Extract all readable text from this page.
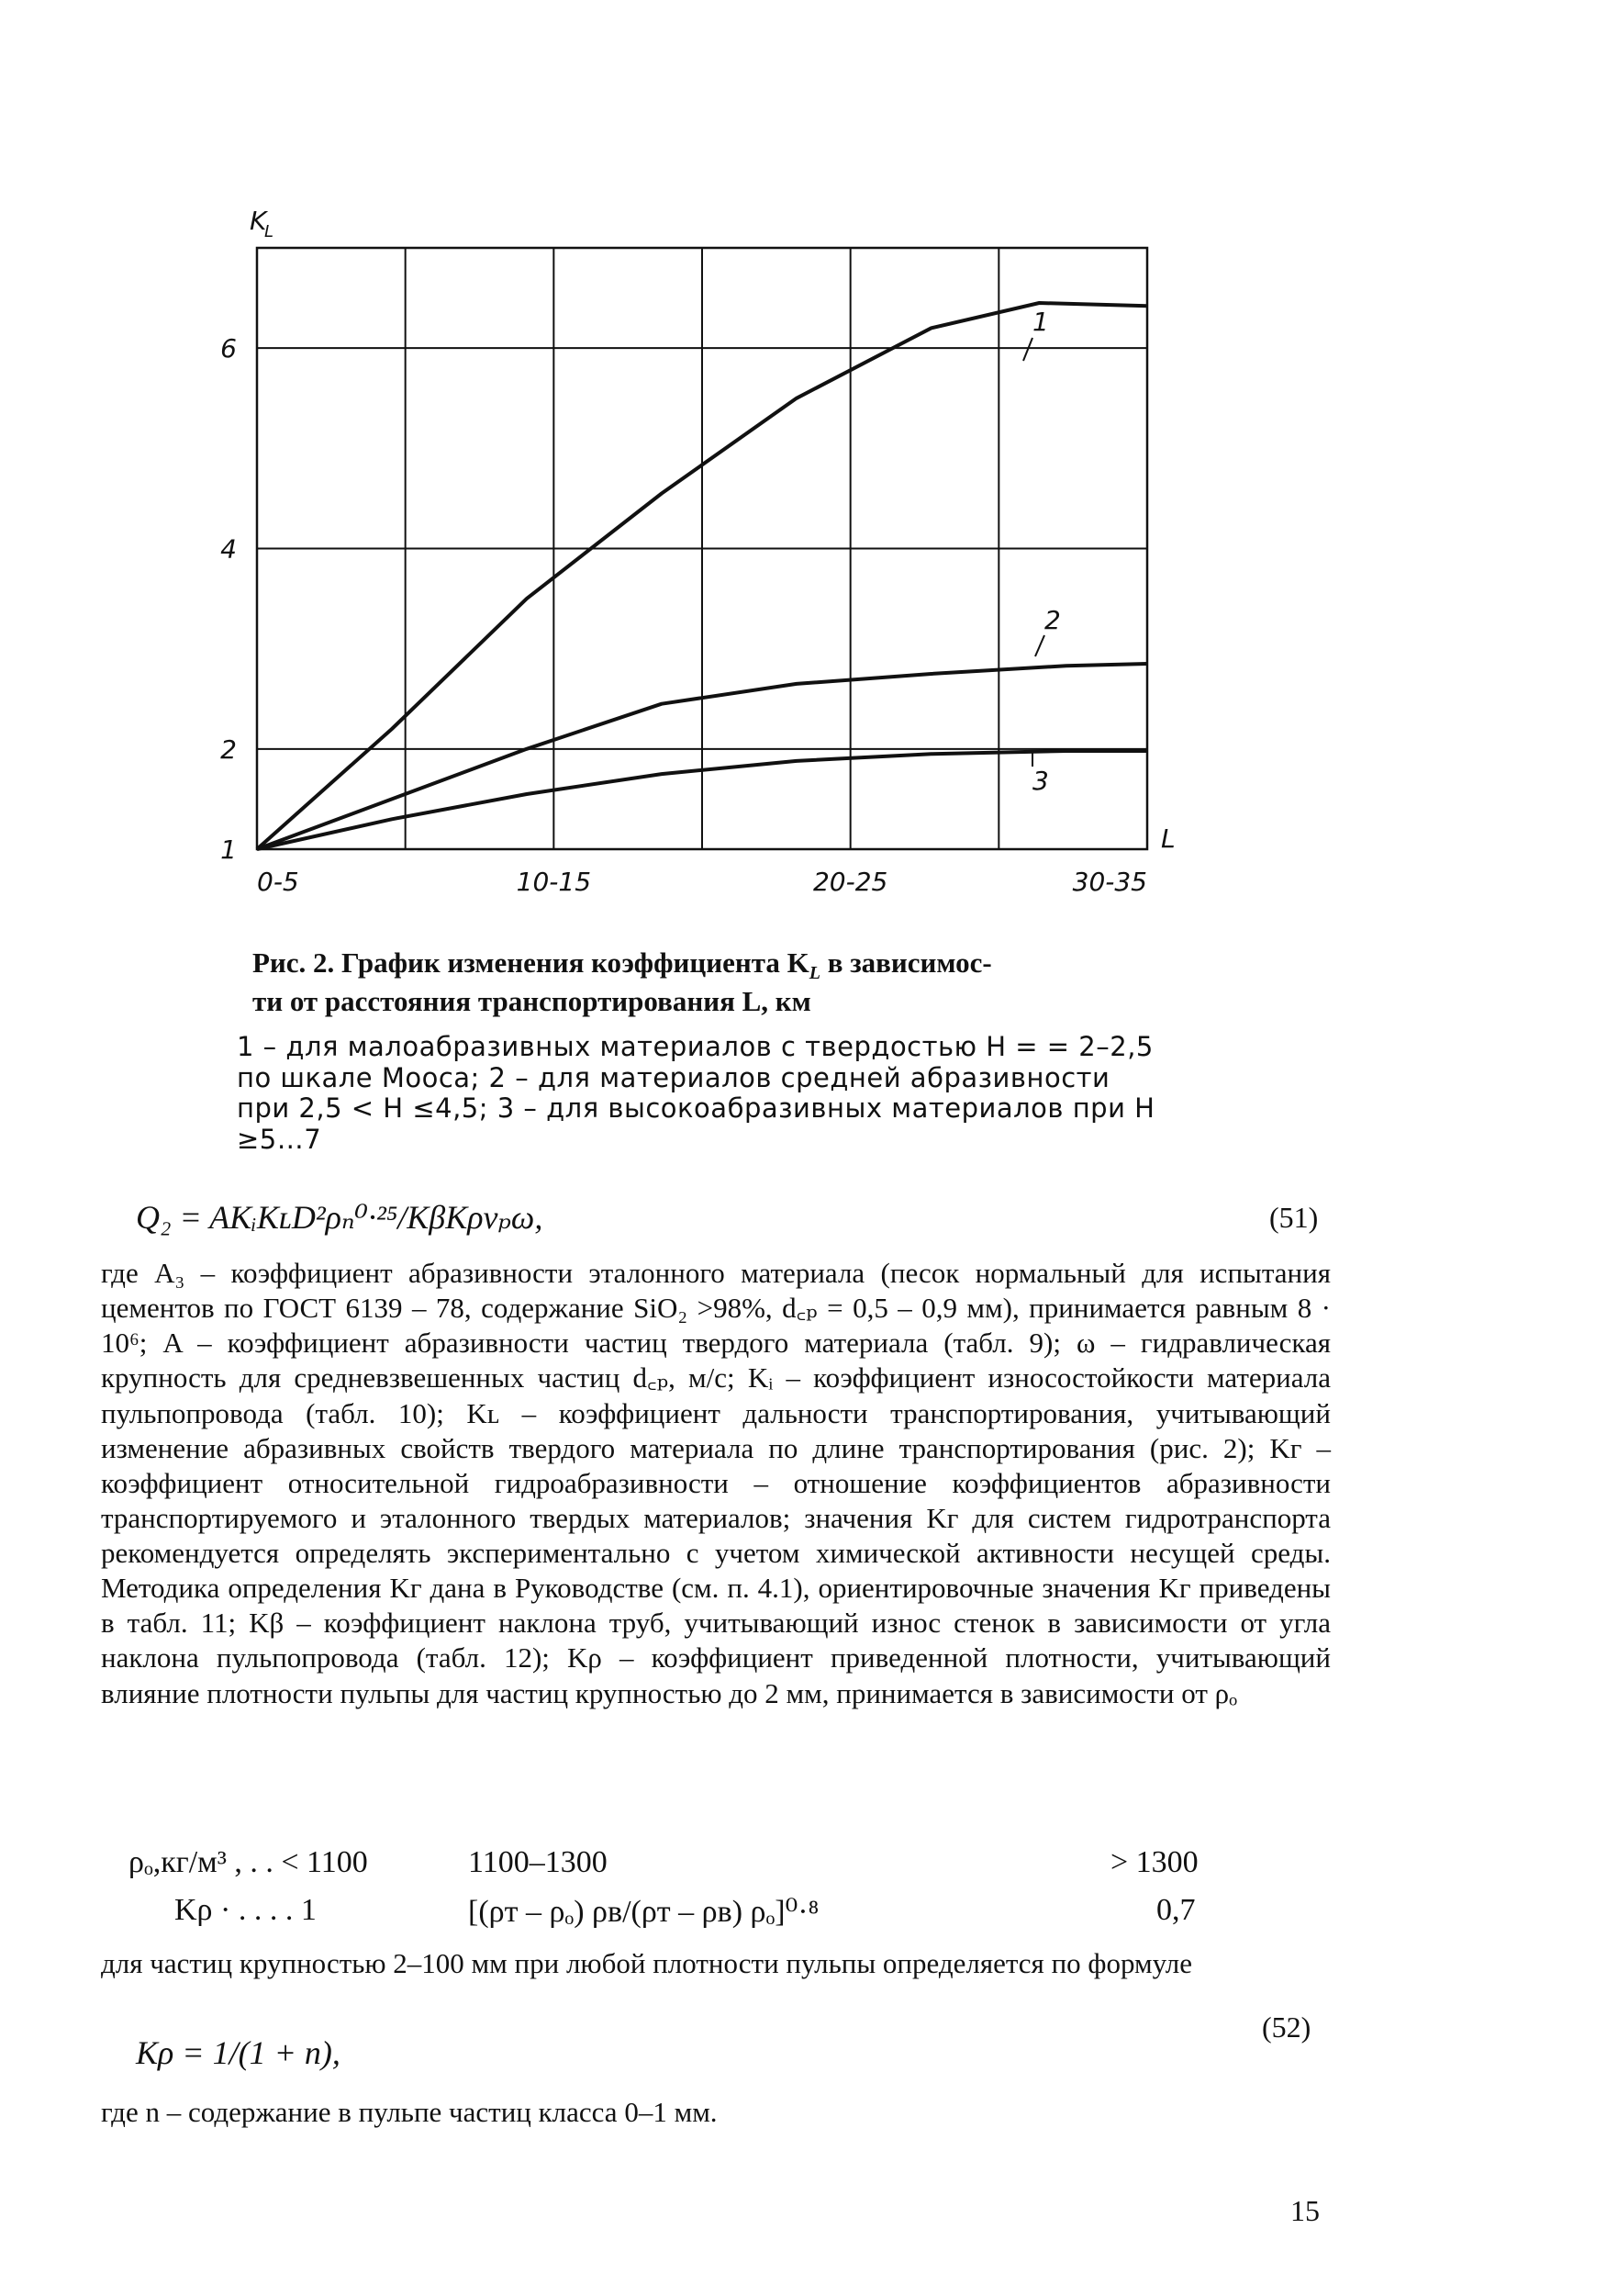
1
2
4
6
0-5	10-15	20-25	30-35
K
L
L
1
2
3
Рис. 2. График изменения коэффициента $K_L$ в зависимос-
ти от расстояния транспортирования L, км
1 – для малоабразивных материалов с твердостью H = = 2–2,5 по шкале Мооса; 2 – для материалов средней абразивности при 2,5 < H ≤4,5; 3 – для высокоабразивных материалов при H ≥5…7
Q₂ = AKᵢKʟD²ρₙ⁰·²⁵/KβKρνₚω,	(51)
где A₃ – коэффициент абразивности эталонного материала (песок нормальный для испытания цементов по ГОСТ 6139 – 78, содержание SiO₂ >98%, d꜀ₚ = 0,5 – 0,9 мм), принимается равным 8 · 10⁶; A – коэффициент абразивности частиц твердого материала (табл. 9); ω – гидравлическая крупность для средневзвешенных частиц d꜀ₚ, м/с; Kᵢ – коэффициент износостойкости материала пульпопровода (табл. 10); Kʟ – коэффициент дальности транспортирования, учитывающий изменение абразивных свойств твердого материала по длине транспортирования (рис. 2); Kг – коэффициент относительной гидроабразивности – отношение коэффициентов абразивности транспортируемого и эталонного твердых материалов; значения Kг для систем гидротранспорта рекомендуется определять экспериментально с учетом химической активности несущей среды. Методика определения Kг дана в Руководстве (см. п. 4.1), ориентировочные значения Kг приведены в табл. 11; Kβ – коэффициент наклона труб, учитывающий износ стенок в зависимости от угла наклона пульпопровода (табл. 12); Kρ – коэффициент приведенной плотности, учитывающий влияние плотности пульпы для частиц крупностью до 2 мм, принимается в зависимости от ρₒ
ρₒ,кг/м³ , . . < 1100	1100–1300	> 1300
Kρ · . . . . 1	[(ρт – ρₒ) ρв/(ρт – ρв) ρₒ]⁰·⁸	0,7
для частиц крупностью 2–100 мм при любой плотности пульпы определяется по формуле
Kρ = 1/(1 + n),
(52)
где n – содержание в пульпе частиц класса 0–1 мм.
15
